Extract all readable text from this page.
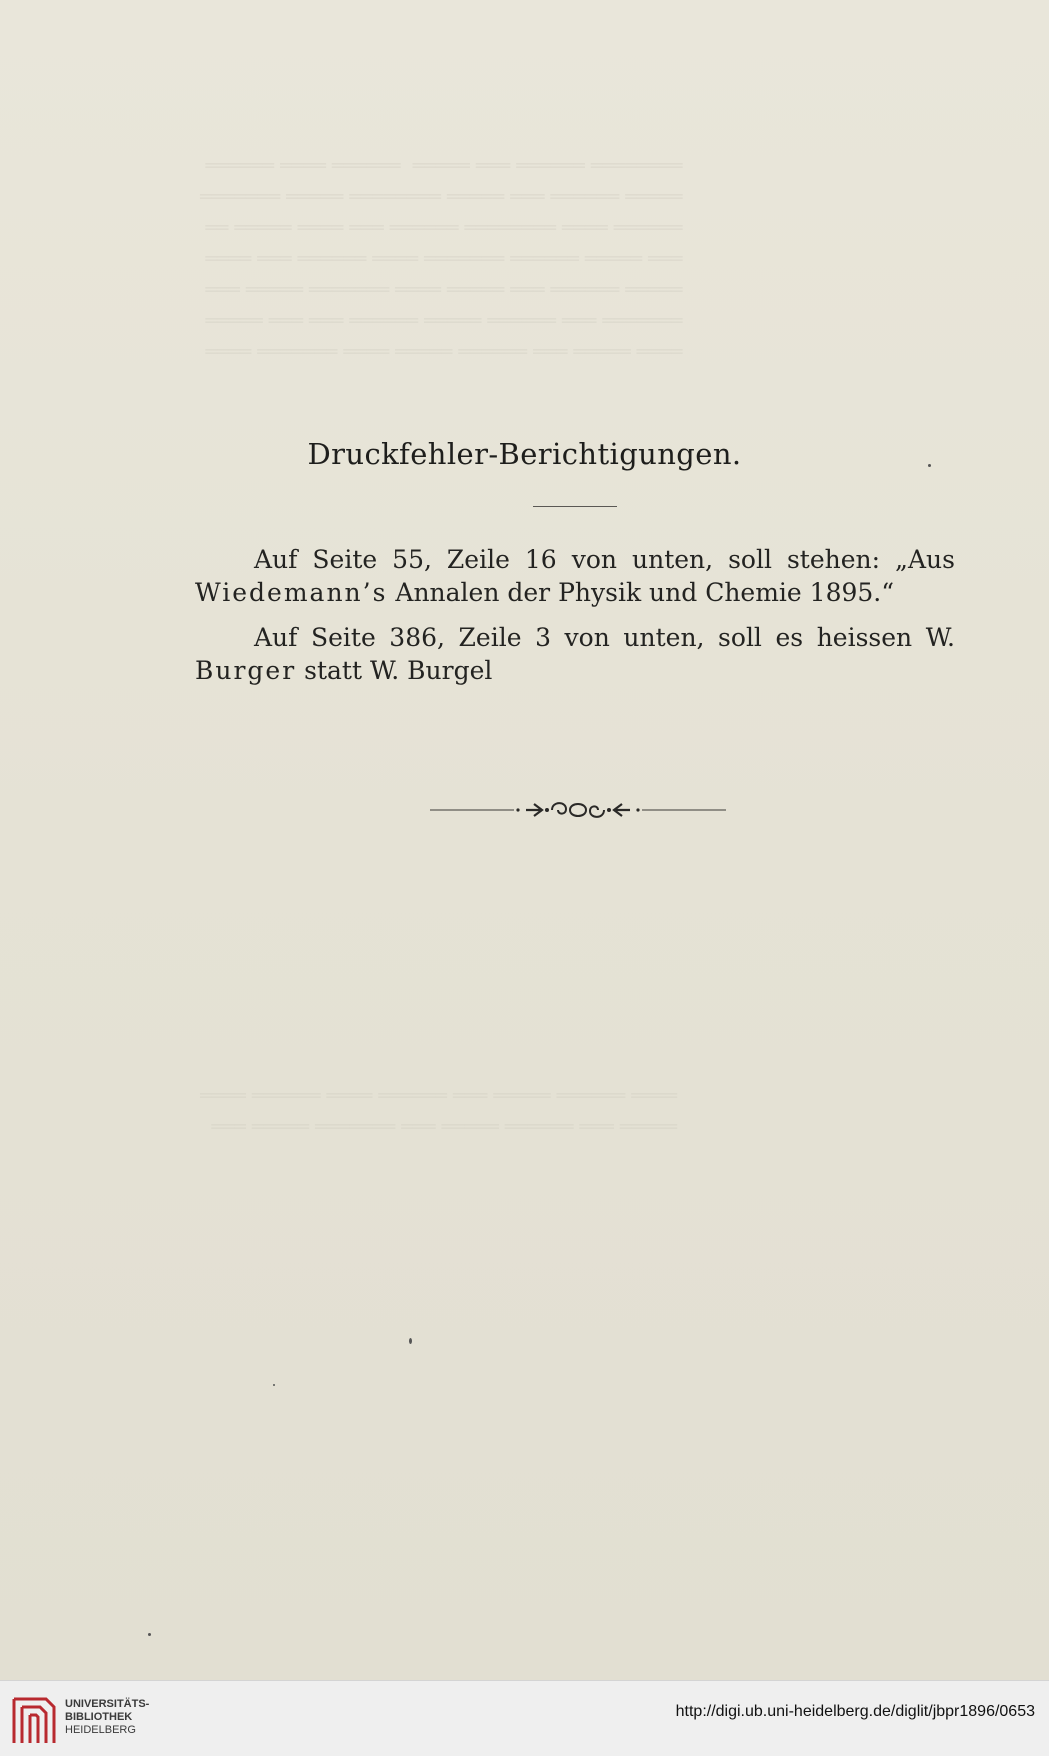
════════ ══════ ═══ ═════  ══════ ════ ══════
═════ ══════ ═══ ═════ ════════ ═════ ═══════
══════ ════ ════════ ══════ ═══ ════ ═════ ══
═══ ═════ ══════ ═══════ ════ ══════ ═══ ════
═════ ══════ ═══ ═════ ════ ═══════ ═════ ═══
═══════ ═══ ══════ ═════ ══════ ═══ ═══ ═════
════ ═════ ═══ ══════ ═════ ════ ═══════ ════

════ ══════ ═════ ═══ ══════ ════ ══════ ════
═════ ═══ ══════ ═════ ═══ ═══════ ═════ ═══

Druckfehler-Berichtigungen.
Auf Seite 55, Zeile 16 von unten, soll stehen: „Aus Wiedemann’s Annalen der Physik und Chemie 1895.“
Auf Seite 386, Zeile 3 von unten, soll es heissen W. Burger statt W. Burgel
UNIVERSITÄTS-
BIBLIOTHEK
HEIDELBERG
http://digi.ub.uni-heidelberg.de/diglit/jbpr1896/0653
